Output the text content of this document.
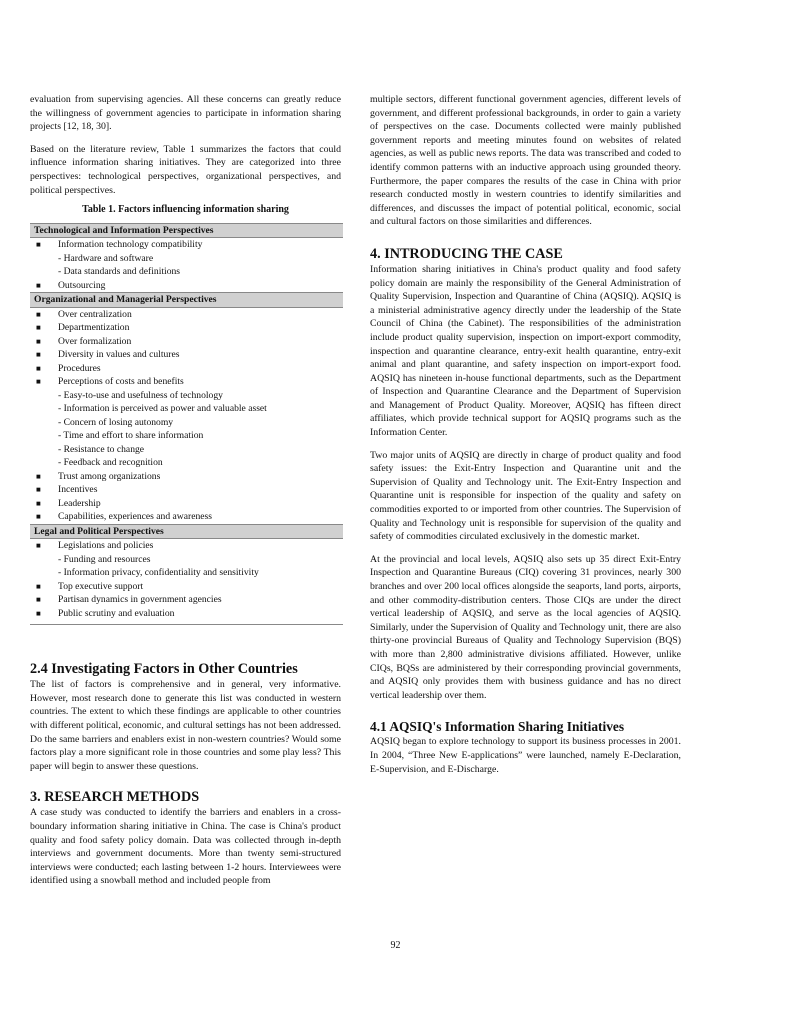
evaluation from supervising agencies. All these concerns can greatly reduce the willingness of government agencies to participate in information sharing projects [12, 18, 30].

Based on the literature review, Table 1 summarizes the factors that could influence information sharing initiatives. They are categorized into three perspectives: technological perspectives, organizational perspectives, and political perspectives.

Table 1. Factors influencing information sharing
Technological and Information Perspectives
■	Information technology compatibility
- Hardware and software
- Data standards and definitions
■	Outsourcing
Organizational and Managerial Perspectives
■	Over centralization
■	Departmentization
■	Over formalization
■	Diversity in values and cultures
■	Procedures
■	Perceptions of costs and benefits
- Easy-to-use and usefulness of technology
- Information is perceived as power and valuable asset
- Concern of losing autonomy
- Time and effort to share information
- Resistance to change
- Feedback and recognition
■	Trust among organizations
■	Incentives
■	Leadership
■	Capabilities, experiences and awareness
Legal and Political Perspectives
■	Legislations and policies
- Funding and resources
- Information privacy, confidentiality and sensitivity
■	Top executive support
■	Partisan dynamics in government agencies
■	Public scrutiny and evaluation
2.4 Investigating Factors in Other Countries

The list of factors is comprehensive and in general, very informative. However, most research done to generate this list was conducted in western countries. The extent to which these findings are applicable to other countries with different political, economic, and cultural settings has not been addressed. Do the same barriers and enablers exist in non-western countries? Would some factors play a more significant role in those countries and some play less? This paper will begin to answer these questions.

3. RESEARCH METHODS

A case study was conducted to identify the barriers and enablers in a cross-boundary information sharing initiative in China. The case is China's product quality and food safety policy domain. Data was collected through in-depth interviews and government documents. More than twenty semi-structured interviews were conducted; each lasting between 1-2 hours. Interviewees were identified using a snowball method and included people from

multiple sectors, different functional government agencies, different levels of government, and different professional backgrounds, in order to gain a variety of perspectives on the case. Documents collected were mainly published government reports and meeting minutes found on websites of related agencies, as well as public news reports. The data was transcribed and coded to identify common patterns with an inductive approach using grounded theory. Furthermore, the paper compares the results of the case in China with prior research conducted mostly in western countries to identify similarities and differences, and discusses the impact of potential political, economic, social and cultural factors on those similarities and differences.

4. INTRODUCING THE CASE

Information sharing initiatives in China's product quality and food safety policy domain are mainly the responsibility of the General Administration of Quality Supervision, Inspection and Quarantine of China (AQSIQ). AQSIQ is a ministerial administrative agency directly under the leadership of the State Council of China (the Cabinet). The responsibilities of the administration include product quality supervision, inspection on import-export commodity, inspection and quarantine clearance, entry-exit health quarantine, entry-exit animal and plant quarantine, and safety inspection on import-export food. AQSIQ has nineteen in-house functional departments, such as the Department of Inspection and Quarantine Clearance and the Department of Supervision and Management of Product Quality. Moreover, AQSIQ has fifteen direct affiliates, which provide technical support for AQSIQ programs such as the Information Center.

Two major units of AQSIQ are directly in charge of product quality and food safety issues: the Exit-Entry Inspection and Quarantine unit and the Supervision of Quality and Technology unit. The Exit-Entry Inspection and Quarantine unit is responsible for inspection of the quality and safety on commodities exported to or imported from other countries. The Supervision of Quality and Technology unit is responsible for supervision of the quality and safety of commodities circulated exclusively in the domestic market.

At the provincial and local levels, AQSIQ also sets up 35 direct Exit-Entry Inspection and Quarantine Bureaus (CIQ) covering 31 provinces, nearly 300 branches and over 200 local offices alongside the seaports, land ports, airports, and other commodity-distribution centers. Those CIQs are under the direct vertical leadership of AQSIQ, and serve as the local agencies of AQSIQ. Similarly, under the Supervision of Quality and Technology unit, there are also thirty-one provincial Bureaus of Quality and Technology Supervision (BQS) with more than 2,800 administrative divisions affiliated. However, unlike CIQs, BQSs are administered by their corresponding provincial governments, and AQSIQ only provides them with business guidance and has no direct vertical leadership over them.

4.1 AQSIQ's Information Sharing Initiatives

AQSIQ began to explore technology to support its business processes in 2001. In 2004, “Three New E-applications” were launched, namely E-Declaration, E-Supervision, and E-Discharge.

92
